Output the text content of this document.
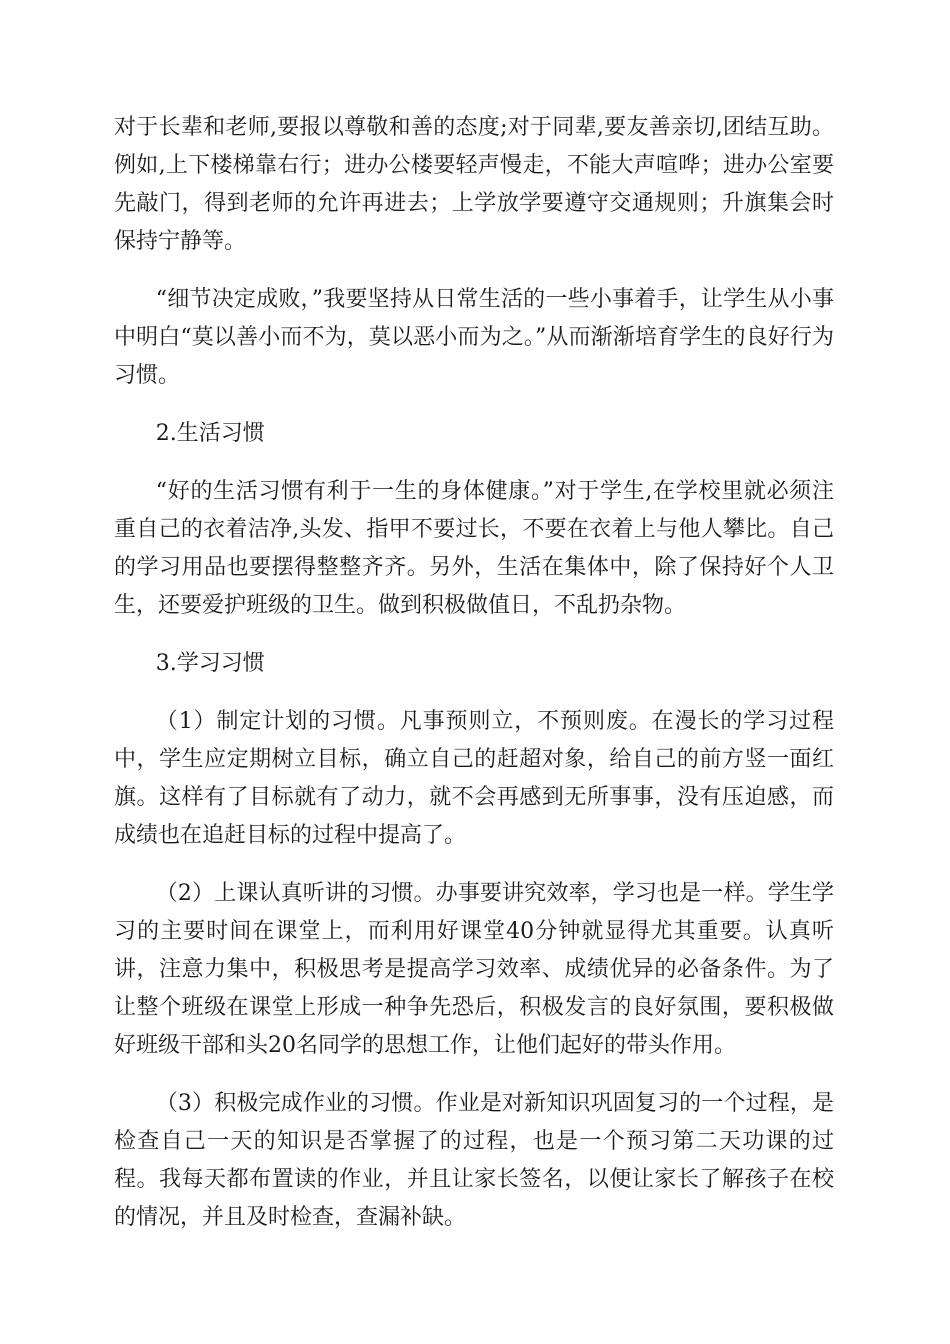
对于长辈和老师,要报以尊敬和善的态度;对于同辈,要友善亲切,团结互助。例如,上下楼梯靠右行；进办公楼要轻声慢走，不能大声喧哗；进办公室要先敲门，得到老师的允许再进去；上学放学要遵守交通规则；升旗集会时保持宁静等。

“细节决定成败，”我要坚持从日常生活的一些小事着手，让学生从小事中明白“莫以善小而不为，莫以恶小而为之。”从而渐渐培育学生的良好行为习惯。

2.生活习惯

“好的生活习惯有利于一生的身体健康。”对于学生,在学校里就必须注重自己的衣着洁净,头发、指甲不要过长，不要在衣着上与他人攀比。自己的学习用品也要摆得整整齐齐。另外，生活在集体中，除了保持好个人卫生，还要爱护班级的卫生。做到积极做值日，不乱扔杂物。

3.学习习惯

（1）制定计划的习惯。凡事预则立，不预则废。在漫长的学习过程中，学生应定期树立目标，确立自己的赶超对象，给自己的前方竖一面红旗。这样有了目标就有了动力，就不会再感到无所事事，没有压迫感，而成绩也在追赶目标的过程中提高了。

（2）上课认真听讲的习惯。办事要讲究效率，学习也是一样。学生学习的主要时间在课堂上，而利用好课堂40分钟就显得尤其重要。认真听讲，注意力集中，积极思考是提高学习效率、成绩优异的必备条件。为了让整个班级在课堂上形成一种争先恐后，积极发言的良好氛围，要积极做好班级干部和头20名同学的思想工作，让他们起好的带头作用。

（3）积极完成作业的习惯。作业是对新知识巩固复习的一个过程，是检查自己一天的知识是否掌握了的过程，也是一个预习第二天功课的过程。我每天都布置读的作业，并且让家长签名，以便让家长了解孩子在校的情况，并且及时检查，查漏补缺。
